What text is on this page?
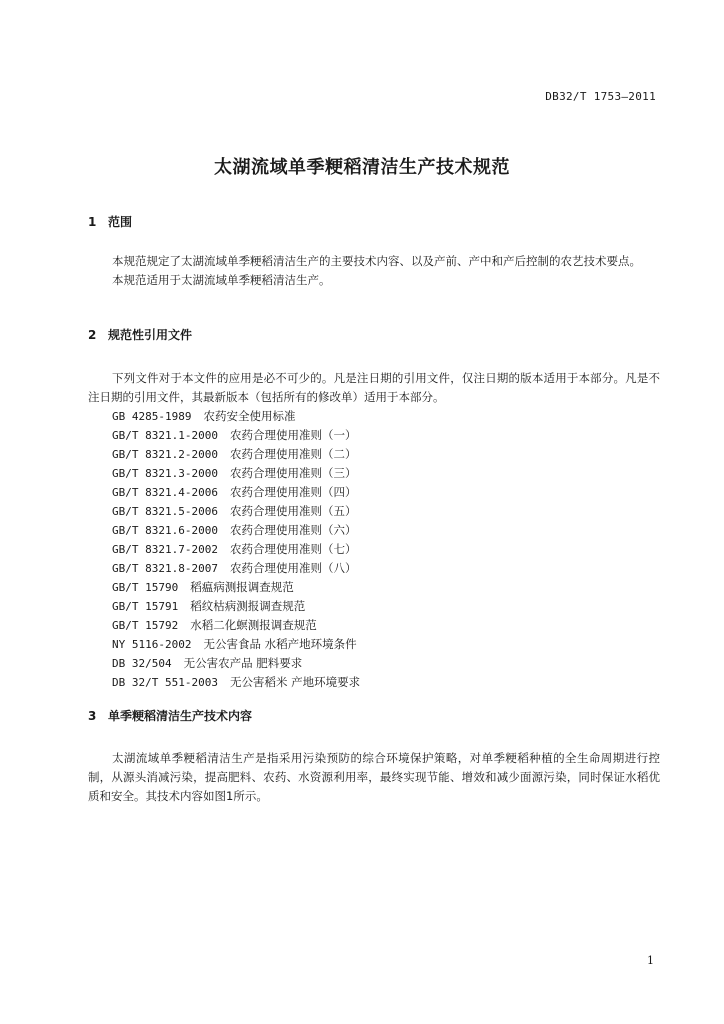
DB32/T 1753—2011
太湖流域单季粳稻清洁生产技术规范
1 范围

本规范规定了太湖流域单季粳稻清洁生产的主要技术内容、以及产前、产中和产后控制的农艺技术要点。

本规范适用于太湖流域单季粳稻清洁生产。

2 规范性引用文件

下列文件对于本文件的应用是必不可少的。凡是注日期的引用文件，仅注日期的版本适用于本部分。凡是不注日期的引用文件，其最新版本（包括所有的修改单）适用于本部分。

GB 4285-1989 农药安全使用标准
GB/T 8321.1-2000 农药合理使用准则（一）
GB/T 8321.2-2000 农药合理使用准则（二）
GB/T 8321.3-2000 农药合理使用准则（三）
GB/T 8321.4-2006 农药合理使用准则（四）
GB/T 8321.5-2006 农药合理使用准则（五）
GB/T 8321.6-2000 农药合理使用准则（六）
GB/T 8321.7-2002 农药合理使用准则（七）
GB/T 8321.8-2007 农药合理使用准则（八）
GB/T 15790 稻瘟病测报调查规范
GB/T 15791 稻纹枯病测报调查规范
GB/T 15792 水稻二化螟测报调查规范
NY 5116-2002 无公害食品 水稻产地环境条件
DB 32/504 无公害农产品 肥料要求
DB 32/T 551-2003 无公害稻米 产地环境要求
3 单季粳稻清洁生产技术内容

太湖流域单季粳稻清洁生产是指采用污染预防的综合环境保护策略，对单季粳稻种植的全生命周期进行控制，从源头消减污染，提高肥料、农药、水资源利用率，最终实现节能、增效和减少面源污染，同时保证水稻优质和安全。其技术内容如图1所示。

1
